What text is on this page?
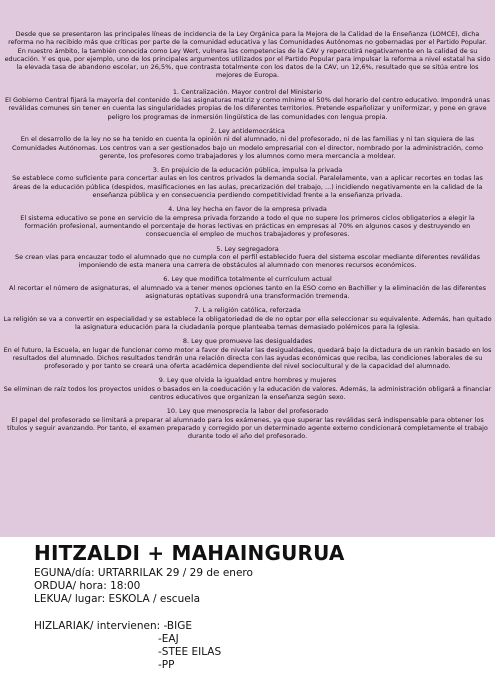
Desde que se presentaron las principales líneas de incidencia de la Ley Orgánica para la Mejora de la Calidad de la Enseñanza (LOMCE), dicha reforma no ha recibido más que críticas por parte de la comunidad educativa y las Comunidades Autónomas no gobernadas por el Partido Popular.
En nuestro ámbito, la también conocida como Ley Wert, vulnera las competencias de la CAV y repercutirá negativamente en la calidad de su educación. Y es que, por ejemplo, uno de los principales argumentos utilizados por el Partido Popular para impulsar la reforma a nivel estatal ha sido la elevada tasa de abandono escolar, un 26,5%, que contrasta totalmente con los datos de la CAV, un 12,6%, resultado que se sitúa entre los mejores de Europa.

1. Centralización. Mayor control del Ministerio
El Gobierno Central fijará la mayoría del contenido de las asignaturas matriz y como mínimo el 50% del horario del centro educativo. Impondrá unas reválidas comunes sin tener en cuenta las singularidades propias de los diferentes territorios. Pretende españolizar y uniformizar, y pone en grave peligro los programas de inmersión lingüística de las comunidades con lengua propia.

2. Ley antidemocrática
En el desarrollo de la ley no se ha tenido en cuenta la opinión ni del alumnado, ni del profesorado, ni de las familias y ni tan siquiera de las Comunidades Autónomas. Los centros van a ser gestionados bajo un modelo empresarial con el director, nombrado por la administración, como gerente, los profesores como trabajadores y los alumnos como mera mercancía a moldear.

3. En prejuicio de la educación pública, impulsa la privada
Se establece como suficiente para concertar aulas en los centros privados la demanda social. Paralelamente, van a aplicar recortes en todas las áreas de la educación pública (despidos, masificaciones en las aulas, precarización del trabajo, ...) incidiendo negativamente en la calidad de la enseñanza pública y en consecuencia perdiendo competitividad frente a la enseñanza privada.

4. Una ley hecha en favor de la empresa privada
El sistema educativo se pone en servicio de la empresa privada forzando a todo el que no supere los primeros ciclos obligatorios a elegir la formación profesional, aumentando el porcentaje de horas lectivas en prácticas en empresas al 70% en algunos casos y destruyendo en consecuencia el empleo de muchos trabajadores y profesores.

5. Ley segregadora
Se crean vías para encauzar todo el alumnado que no cumpla con el perfil establecido fuera del sistema escolar mediante diferentes reválidas imponiendo de esta manera una carrera de obstáculos al alumnado con menores recursos económicos.

6. Ley que modifica totalmente el currículum actual
Al recortar el número de asignaturas, el alumnado va a tener menos opciones tanto en la ESO como en Bachiller y la eliminación de las diferentes asignaturas optativas supondrá una transformación tremenda.

7. L a religión católica, reforzada
La religión se va a convertir en especialidad y se establece la obligatoriedad de de no optar por ella seleccionar su equivalente. Además, han quitado la asignatura educación para la ciudadanía porque planteaba temas demasiado polémicos para la Iglesia.

8. Ley que promueve las desigualdades
En el futuro, la Escuela, en lugar de funcionar como motor a favor de nivelar las desigualdades, quedará bajo la dictadura de un rankin basado en los resultados del alumnado. Dichos resultados tendrán una relación directa con las ayudas económicas que reciba, las condiciones laborales de su profesorado y por tanto se creará una oferta académica dependiente del nivel sociocultural y de la capacidad del alumnado.

9. Ley que olvida la igualdad entre hombres y mujeres
Se eliminan de raíz todos los proyectos unidos o basados en la coeducación y la educación de valores. Además, la administración obligará a financiar centros educativos que organizan la enseñanza según sexo.

10. Ley que menosprecia la labor del profesorado
El papel del profesorado se limitará a preparar al alumnado para los exámenes, ya que superar las reválidas será indispensable para obtener los títulos y seguir avanzando. Por tanto, el examen preparado y corregido por un determinado agente externo condicionará completamente el trabajo durante todo el año del profesorado.

HITZALDI + MAHAINGURUA
EGUNA/día: URTARRILAK 29 / 29 de enero
ORDUA/ hora: 18:00
LEKUA/ lugar: ESKOLA / escuela
HIZLARIAK/ intervienen: -BIGE
-EAJ
-STEE EILAS
-PP
